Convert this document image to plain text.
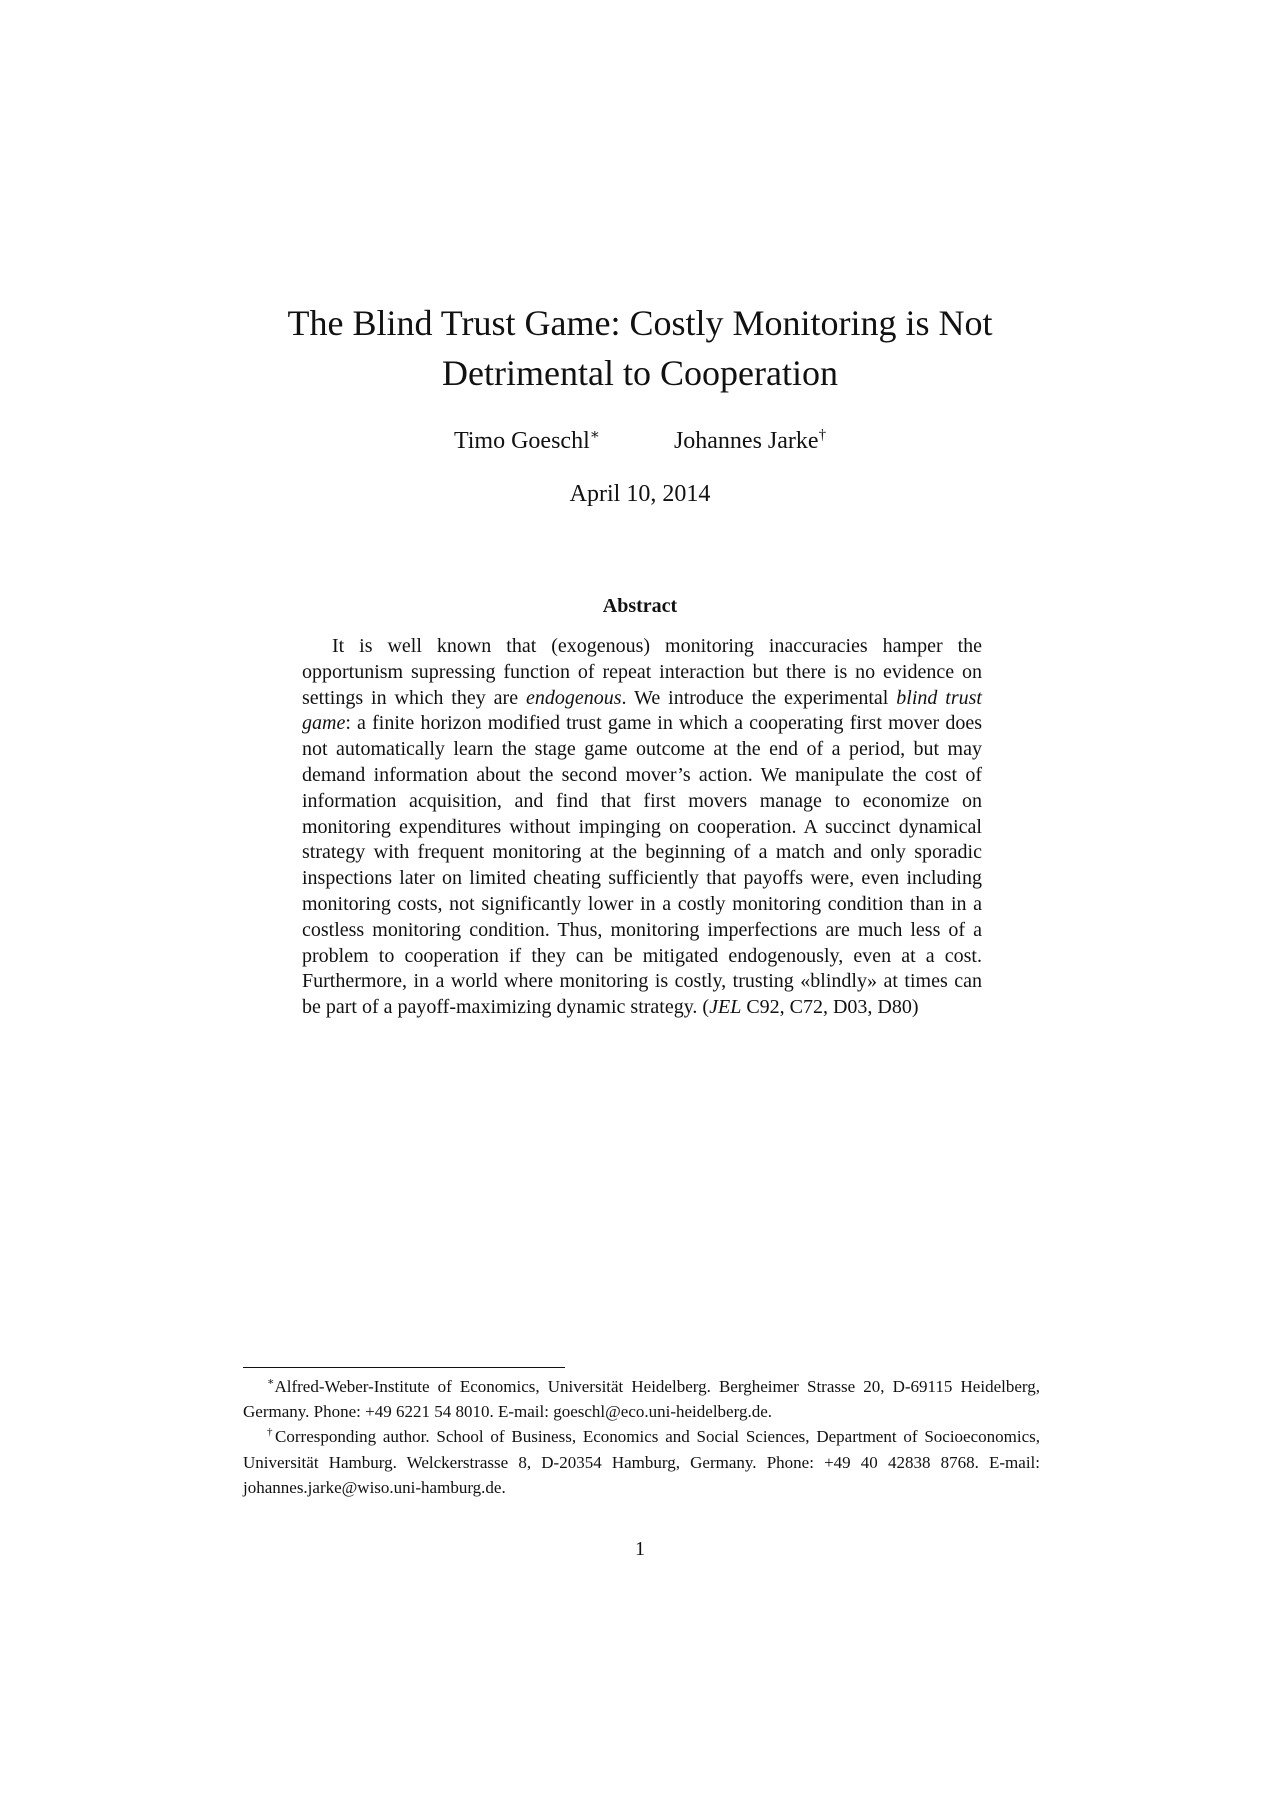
The Blind Trust Game: Costly Monitoring is Not Detrimental to Cooperation
Timo Goeschl∗	Johannes Jarke†
April 10, 2014
Abstract

It is well known that (exogenous) monitoring inaccuracies hamper the opportunism supressing function of repeat interaction but there is no evidence on settings in which they are endogenous. We introduce the experimental blind trust game: a finite horizon modified trust game in which a cooperating first mover does not automatically learn the stage game outcome at the end of a period, but may demand information about the second mover’s action. We manipulate the cost of information acquisition, and find that first movers manage to economize on monitoring expenditures without impinging on cooperation. A succinct dynamical strategy with frequent monitoring at the beginning of a match and only sporadic inspections later on limited cheating sufficiently that payoffs were, even including monitoring costs, not significantly lower in a costly monitoring condition than in a costless monitoring condition. Thus, monitoring imperfections are much less of a problem to cooperation if they can be mitigated endogenously, even at a cost. Furthermore, in a world where monitoring is costly, trusting «blindly» at times can be part of a payoff-maximizing dynamic strategy. (JEL C92, C72, D03, D80)

∗Alfred-Weber-Institute of Economics, Universität Heidelberg. Bergheimer Strasse 20, D-69115 Heidelberg, Germany. Phone: +49 6221 54 8010. E-mail: goeschl@eco.uni-heidelberg.de.

†Corresponding author. School of Business, Economics and Social Sciences, Department of Socioeconomics, Universität Hamburg. Welckerstrasse 8, D-20354 Hamburg, Germany. Phone: +49 40 42838 8768. E-mail: johannes.jarke@wiso.uni-hamburg.de.

1
